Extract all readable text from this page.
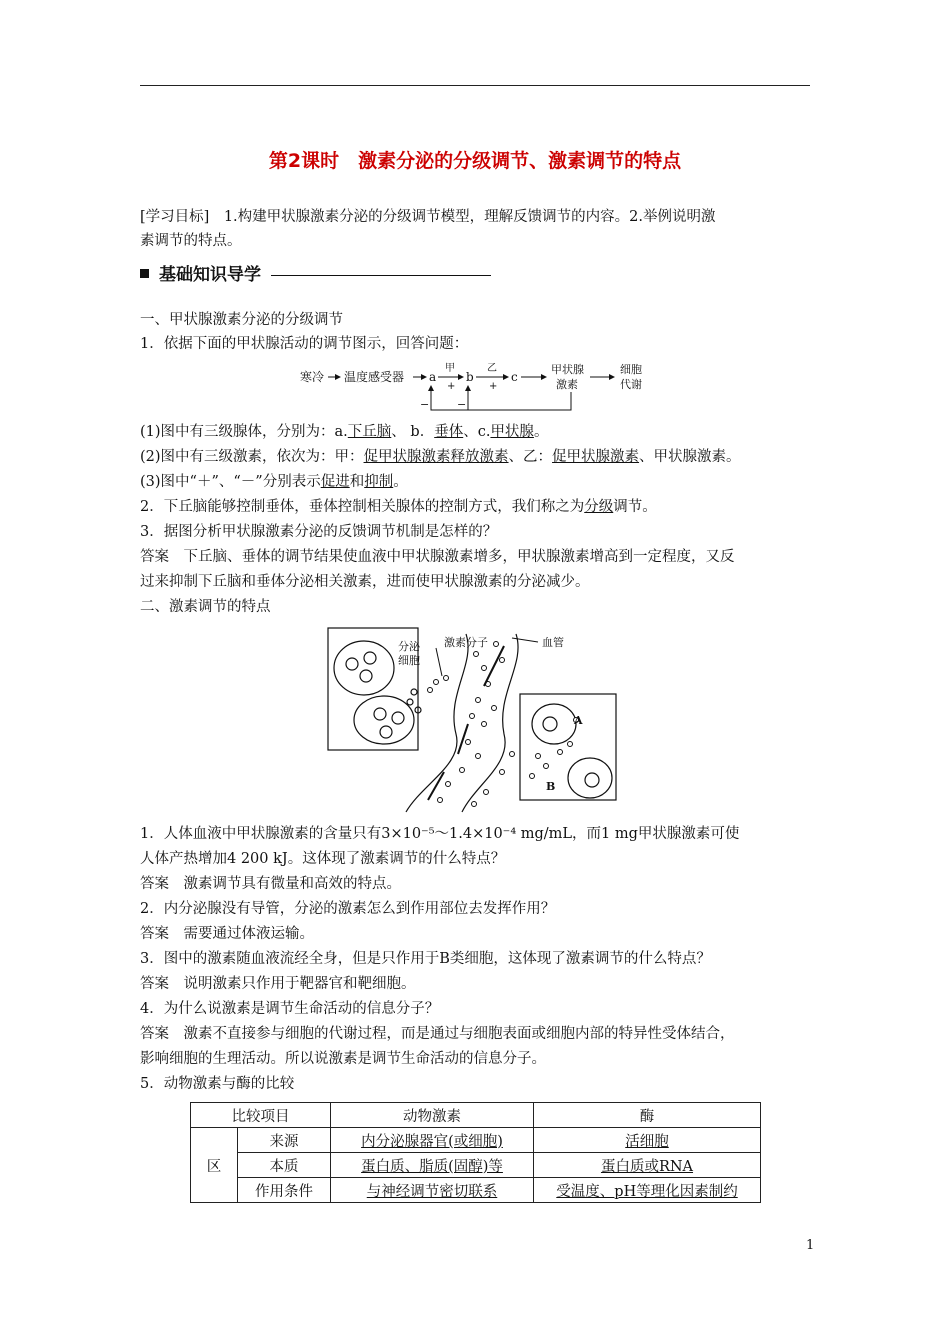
第2课时　激素分泌的分级调节、激素调节的特点
[学习目标]　1.构建甲状腺激素分泌的分级调节模型，理解反馈调节的内容。2.举例说明激
素调节的特点。
基础知识导学
一、甲状腺激素分泌的分级调节
1．依据下面的甲状腺活动的调节图示，回答问题：
寒冷 温度感受器 a
甲
+
b
乙
+
c
甲状腺
激素
细胞
代谢
−	−
(1)图中有三级腺体，分别为：a.下丘脑、 b．垂体、c.甲状腺。
(2)图中有三级激素，依次为：甲：促甲状腺激素释放激素、乙：促甲状腺激素、甲状腺激素。
(3)图中“＋”、“－”分别表示促进和抑制。
2．下丘脑能够控制垂体，垂体控制相关腺体的控制方式，我们称之为分级调节。
3．据图分析甲状腺激素分泌的反馈调节机制是怎样的？
答案　下丘脑、垂体的调节结果使血液中甲状腺激素增多，甲状腺激素增高到一定程度，又反
过来抑制下丘脑和垂体分泌相关激素，进而使甲状腺激素的分泌减少。
二、激素调节的特点
分泌
细胞
激素分子	血管
A
B
1．人体血液中甲状腺激素的含量只有3×10⁻⁵～1.4×10⁻⁴ mg/mL，而1 mg甲状腺激素可使
人体产热增加4 200 kJ。这体现了激素调节的什么特点？
答案　激素调节具有微量和高效的特点。
2．内分泌腺没有导管，分泌的激素怎么到作用部位去发挥作用？
答案　需要通过体液运输。
3．图中的激素随血液流经全身，但是只作用于B类细胞，这体现了激素调节的什么特点？
答案　说明激素只作用于靶器官和靶细胞。
4．为什么说激素是调节生命活动的信息分子？
答案　激素不直接参与细胞的代谢过程，而是通过与细胞表面或细胞内部的特异性受体结合，
影响细胞的生理活动。所以说激素是调节生命活动的信息分子。
5．动物激素与酶的比较
比较项目		动物激素	酶
区	来源	内分泌腺器官(或细胞)	活细胞
	本质	蛋白质、脂质(固醇)等	蛋白质或RNA
	作用条件	与神经调节密切联系	受温度、pH等理化因素制约
1
